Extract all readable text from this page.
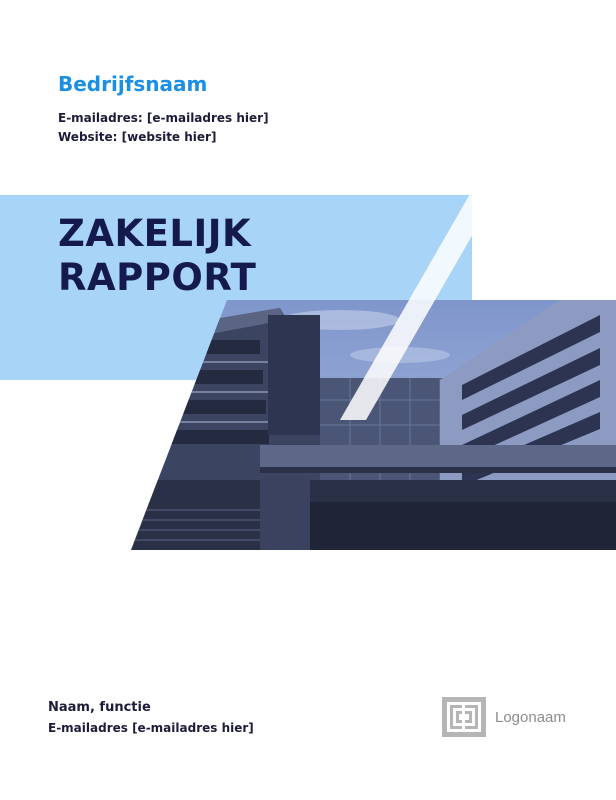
Bedrijfsnaam
E-mailadres: [e-mailadres hier]
Website: [website hier]
ZAKELIJK
RAPPORT
Naam, functie
E-mailadres [e-mailadres hier]
Logonaam
